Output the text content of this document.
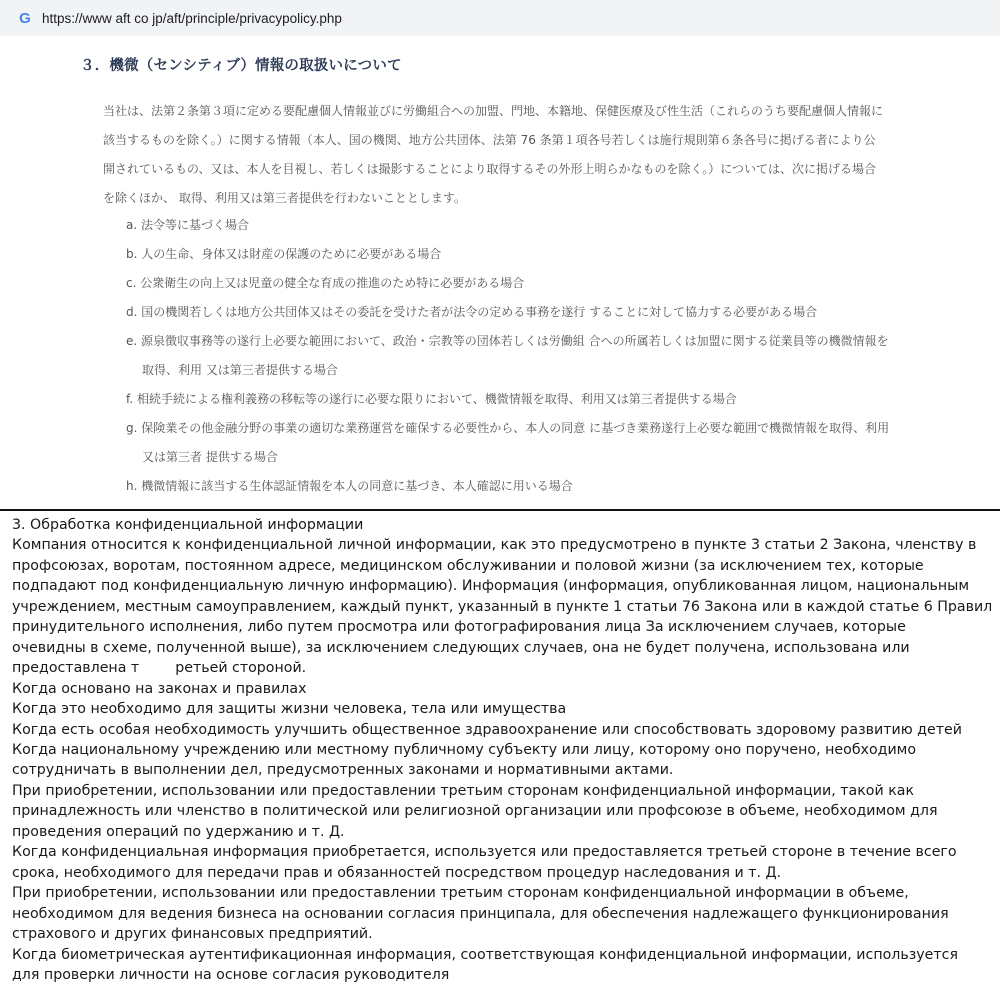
G https://www aft co jp/aft/principle/privacypolicy.php
３．機微（センシティブ）情報の取扱いについて
当社は、法第２条第３項に定める要配慮個人情報並びに労働組合への加盟、門地、本籍地、保健医療及び性生活（これらのうち要配慮個人情報に
該当するものを除く。）に関する情報（本人、国の機関、地方公共団体、法第 76 条第１項各号若しくは施行規則第６条各号に掲げる者により公
開されているもの、又は、本人を目視し、若しくは撮影することにより取得するその外形上明らかなものを除く。）については、次に掲げる場合
を除くほか、 取得、利用又は第三者提供を行わないこととします。
a. 法令等に基づく場合
b. 人の生命、身体又は財産の保護のために必要がある場合
c. 公衆衛生の向上又は児童の健全な育成の推進のため特に必要がある場合
d. 国の機関若しくは地方公共団体又はその委託を受けた者が法令の定める事務を遂行 することに対して協力する必要がある場合
e. 源泉徴収事務等の遂行上必要な範囲において、政治・宗教等の団体若しくは労働組 合への所属若しくは加盟に関する従業員等の機微情報を
取得、利用 又は第三者提供する場合
f. 相続手続による権利義務の移転等の遂行に必要な限りにおいて、機微情報を取得、利用又は第三者提供する場合
g. 保険業その他金融分野の事業の適切な業務運営を確保する必要性から、本人の同意 に基づき業務遂行上必要な範囲で機微情報を取得、利用
又は第三者 提供する場合
h. 機微情報に該当する生体認証情報を本人の同意に基づき、本人確認に用いる場合
3. Обработка конфиденциальной информации
Компания относится к конфиденциальной личной информации, как это предусмотрено в пункте 3 статьи 2 Закона, членству в
профсоюзах, воротам, постоянном адресе, медицинском обслуживании и половой жизни (за исключением тех, которые
подпадают под конфиденциальную личную информацию). Информация (информация, опубликованная лицом, национальным
учреждением, местным самоуправлением, каждый пункт, указанный в пункте 1 статьи 76 Закона или в каждой статье 6 Правил
принудительного исполнения, либо путем просмотра или фотографирования лица За исключением случаев, которые
очевидны в схеме, полученной выше), за исключением следующих случаев, она не будет получена, использована или
предоставлена т        ретьей стороной.
Когда основано на законах и правилах
Когда это необходимо для защиты жизни человека, тела или имущества
Когда есть особая необходимость улучшить общественное здравоохранение или способствовать здоровому развитию детей
Когда национальному учреждению или местному публичному субъекту или лицу, которому оно поручено, необходимо
сотрудничать в выполнении дел, предусмотренных законами и нормативными актами.
При приобретении, использовании или предоставлении третьим сторонам конфиденциальной информации, такой как
принадлежность или членство в политической или религиозной организации или профсоюзе в объеме, необходимом для
проведения операций по удержанию и т. Д.
Когда конфиденциальная информация приобретается, используется или предоставляется третьей стороне в течение всего
срока, необходимого для передачи прав и обязанностей посредством процедур наследования и т. Д.
При приобретении, использовании или предоставлении третьим сторонам конфиденциальной информации в объеме,
необходимом для ведения бизнеса на основании согласия принципала, для обеспечения надлежащего функционирования
страхового и других финансовых предприятий.
Когда биометрическая аутентификационная информация, соответствующая конфиденциальной информации, используется
для проверки личности на основе согласия руководителя
